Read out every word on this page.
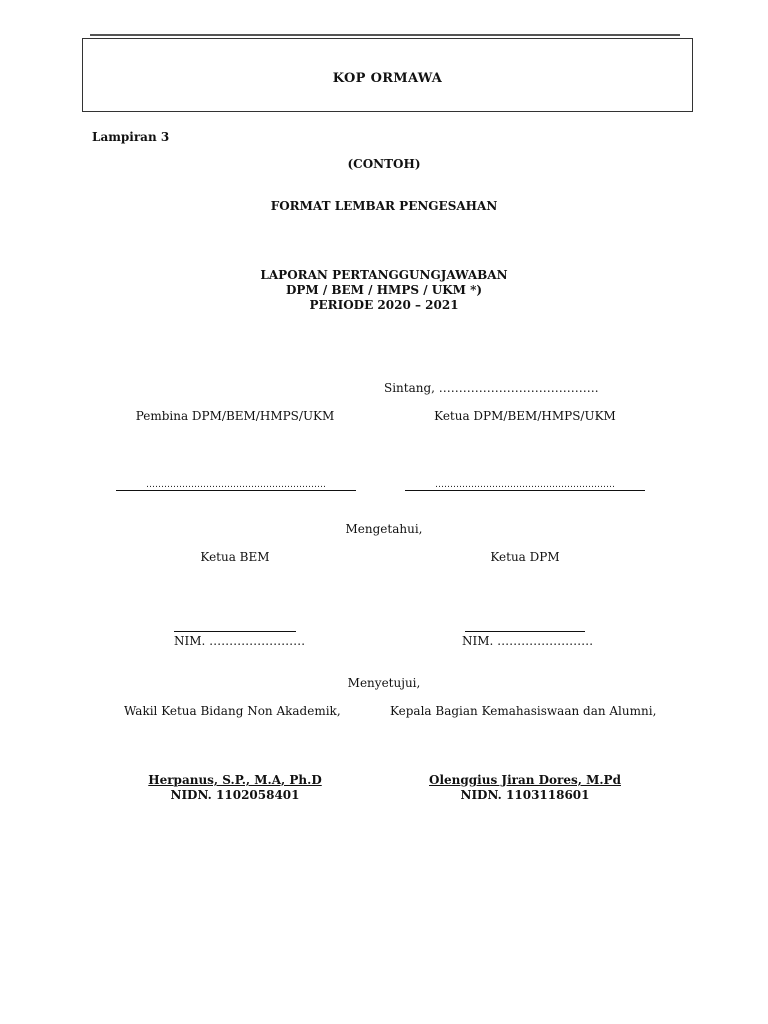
KOP ORMAWA
Lampiran 3
(CONTOH)
FORMAT LEMBAR PENGESAHAN
LAPORAN PERTANGGUNGJAWABAN
DPM / BEM / HMPS / UKM *)
PERIODE 2020 – 2021
Sintang, ………………………………….
Pembina DPM/BEM/HMPS/UKM	Ketua DPM/BEM/HMPS/UKM
……………………………………………………	……………………………………………………
Mengetahui,
Ketua BEM	Ketua DPM
NIM. ……………………	NIM. ……………………
Menyetujui,
Wakil Ketua Bidang Non Akademik,	Kepala Bagian Kemahasiswaan dan Alumni,
Herpanus, S.P., M.A, Ph.D
NIDN. 1102058401
Olenggius Jiran Dores, M.Pd
NIDN. 1103118601
